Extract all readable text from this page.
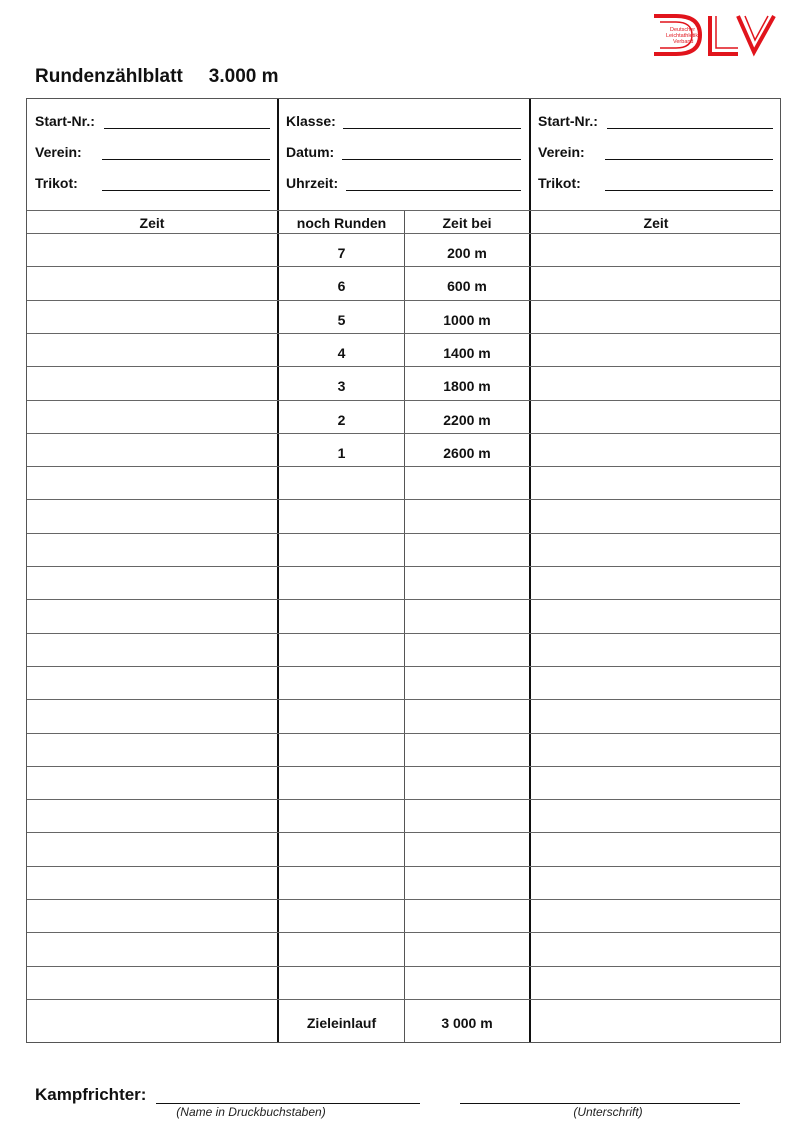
Deutscher
Leichtathletik-
Verband
Rundenzählblatt 3.000 m
Start-Nr.:
Verein:
Trikot:
Klasse:
Datum:
Uhrzeit:
Start-Nr.:
Verein:
Trikot:
Zeit	noch Runden	Zeit bei	Zeit
7	200 m
6	600 m
5	1000 m
4	1400 m
3	1800 m
2	2200 m
1	2600 m
Zieleinlauf	3 000 m
Kampfrichter:
(Name in Druckbuchstaben)	(Unterschrift)
